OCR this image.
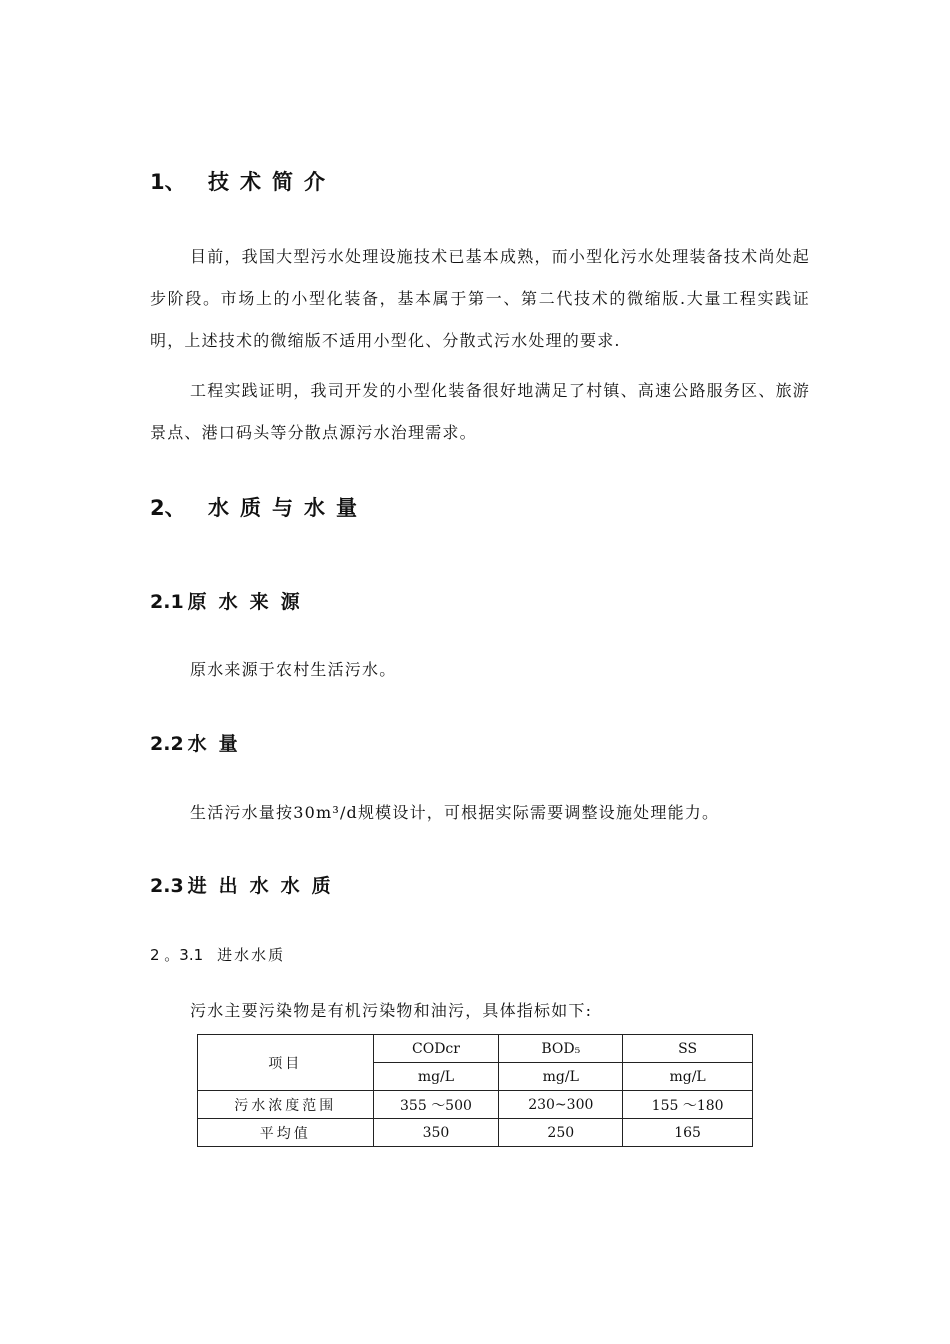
1、 技术简介
目前，我国大型污水处理设施技术已基本成熟，而小型化污水处理装备技术尚处起步阶段。市场上的小型化装备，基本属于第一、第二代技术的微缩版.大量工程实践证明，上述技术的微缩版不适用小型化、分散式污水处理的要求.
工程实践证明，我司开发的小型化装备很好地满足了村镇、高速公路服务区、旅游景点、港口码头等分散点源污水治理需求。
2、 水质与水量
2.1 原水来源
原水来源于农村生活污水。
2.2 水量
生活污水量按30m³/d规模设计，可根据实际需要调整设施处理能力。
2.3 进出水水质
2 。3.1 进水水质
污水主要污染物是有机污染物和油污，具体指标如下:
项目	CODcr	BOD₅	SS
	mg/L	mg/L	mg/L
污水浓度范围	355 ～500	230~300	155 ～180
平均值	350	250	165
